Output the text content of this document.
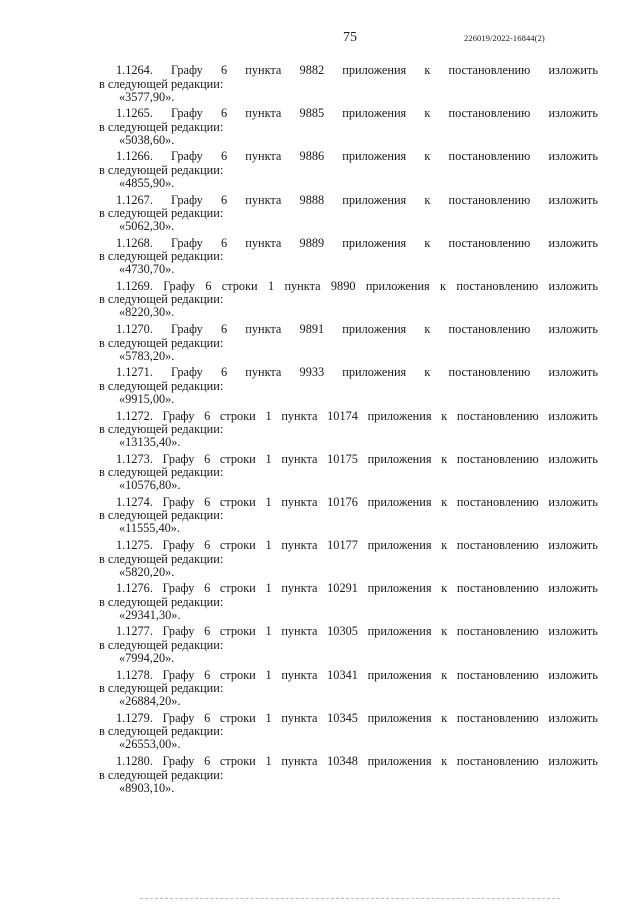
75	226019/2022-16844(2)
1.1264. Графу 6 пункта 9882 приложения к постановлению изложить
в следующей редакции:
«3577,90».
1.1265. Графу 6 пункта 9885 приложения к постановлению изложить
в следующей редакции:
«5038,60».
1.1266. Графу 6 пункта 9886 приложения к постановлению изложить
в следующей редакции:
«4855,90».
1.1267. Графу 6 пункта 9888 приложения к постановлению изложить
в следующей редакции:
«5062,30».
1.1268. Графу 6 пункта 9889 приложения к постановлению изложить
в следующей редакции:
«4730,70».
1.1269. Графу 6 строки 1 пункта 9890 приложения к постановлению изложить
в следующей редакции:
«8220,30».
1.1270. Графу 6 пункта 9891 приложения к постановлению изложить
в следующей редакции:
«5783,20».
1.1271. Графу 6 пункта 9933 приложения к постановлению изложить
в следующей редакции:
«9915,00».
1.1272. Графу 6 строки 1 пункта 10174 приложения к постановлению изложить
в следующей редакции:
«13135,40».
1.1273. Графу 6 строки 1 пункта 10175 приложения к постановлению изложить
в следующей редакции:
«10576,80».
1.1274. Графу 6 строки 1 пункта 10176 приложения к постановлению изложить
в следующей редакции:
«11555,40».
1.1275. Графу 6 строки 1 пункта 10177 приложения к постановлению изложить
в следующей редакции:
«5820,20».
1.1276. Графу 6 строки 1 пункта 10291 приложения к постановлению изложить
в следующей редакции:
«29341,30».
1.1277. Графу 6 строки 1 пункта 10305 приложения к постановлению изложить
в следующей редакции:
«7994,20».
1.1278. Графу 6 строки 1 пункта 10341 приложения к постановлению изложить
в следующей редакции:
«26884,20».
1.1279. Графу 6 строки 1 пункта 10345 приложения к постановлению изложить
в следующей редакции:
«26553,00».
1.1280. Графу 6 строки 1 пункта 10348 приложения к постановлению изложить
в следующей редакции:
«8903,10».
